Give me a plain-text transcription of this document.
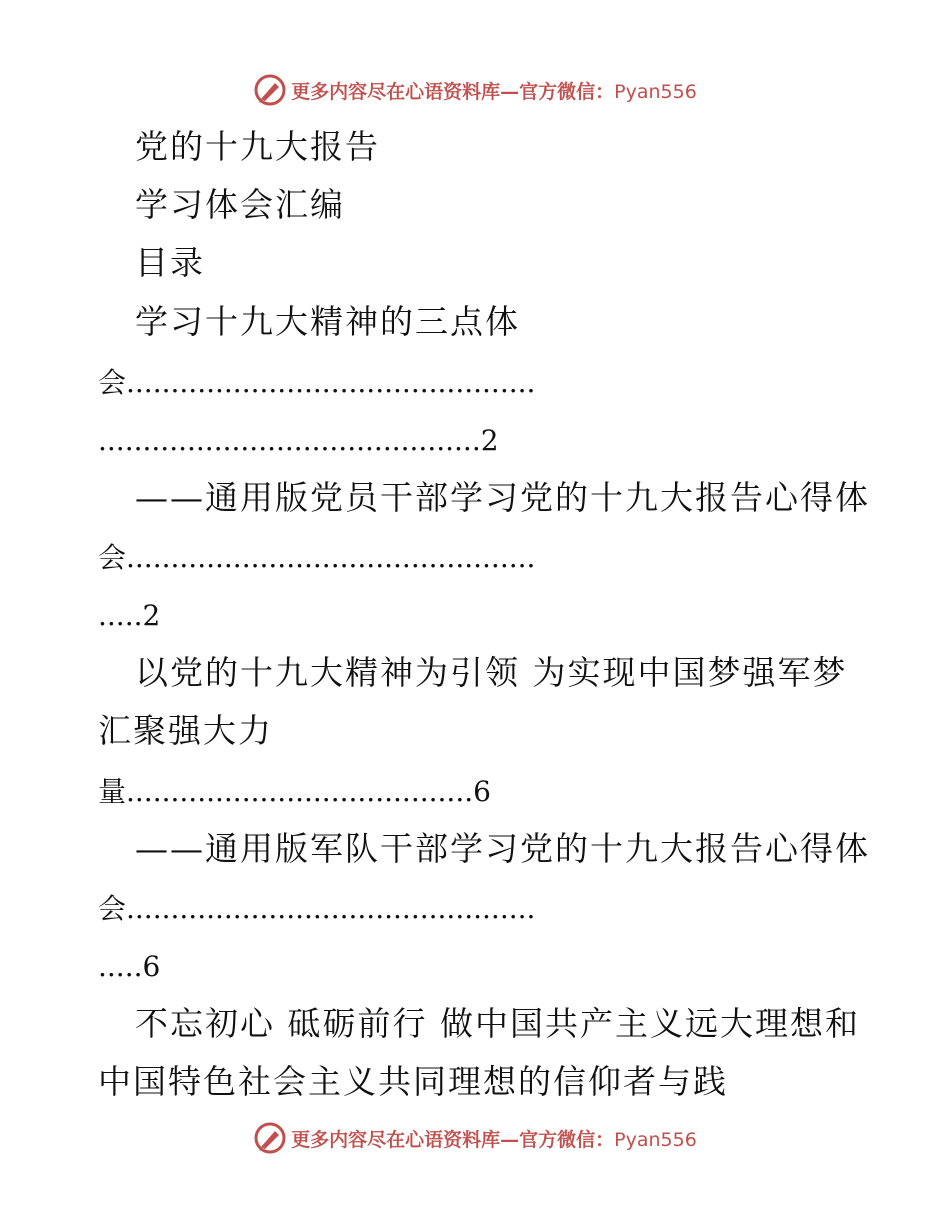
更多内容尽在心语资料库—官方微信：Pyan556
党的十九大报告
学习体会汇编
目录
学习十九大精神的三点体
会..............................................
...........................................2
——通用版党员干部学习党的十九大报告心得体
会..............................................
.....2
以党的十九大精神为引领 为实现中国梦强军梦
汇聚强大力
量.......................................6
——通用版军队干部学习党的十九大报告心得体
会..............................................
.....6
不忘初心 砥砺前行 做中国共产主义远大理想和
中国特色社会主义共同理想的信仰者与践
更多内容尽在心语资料库—官方微信：Pyan556
